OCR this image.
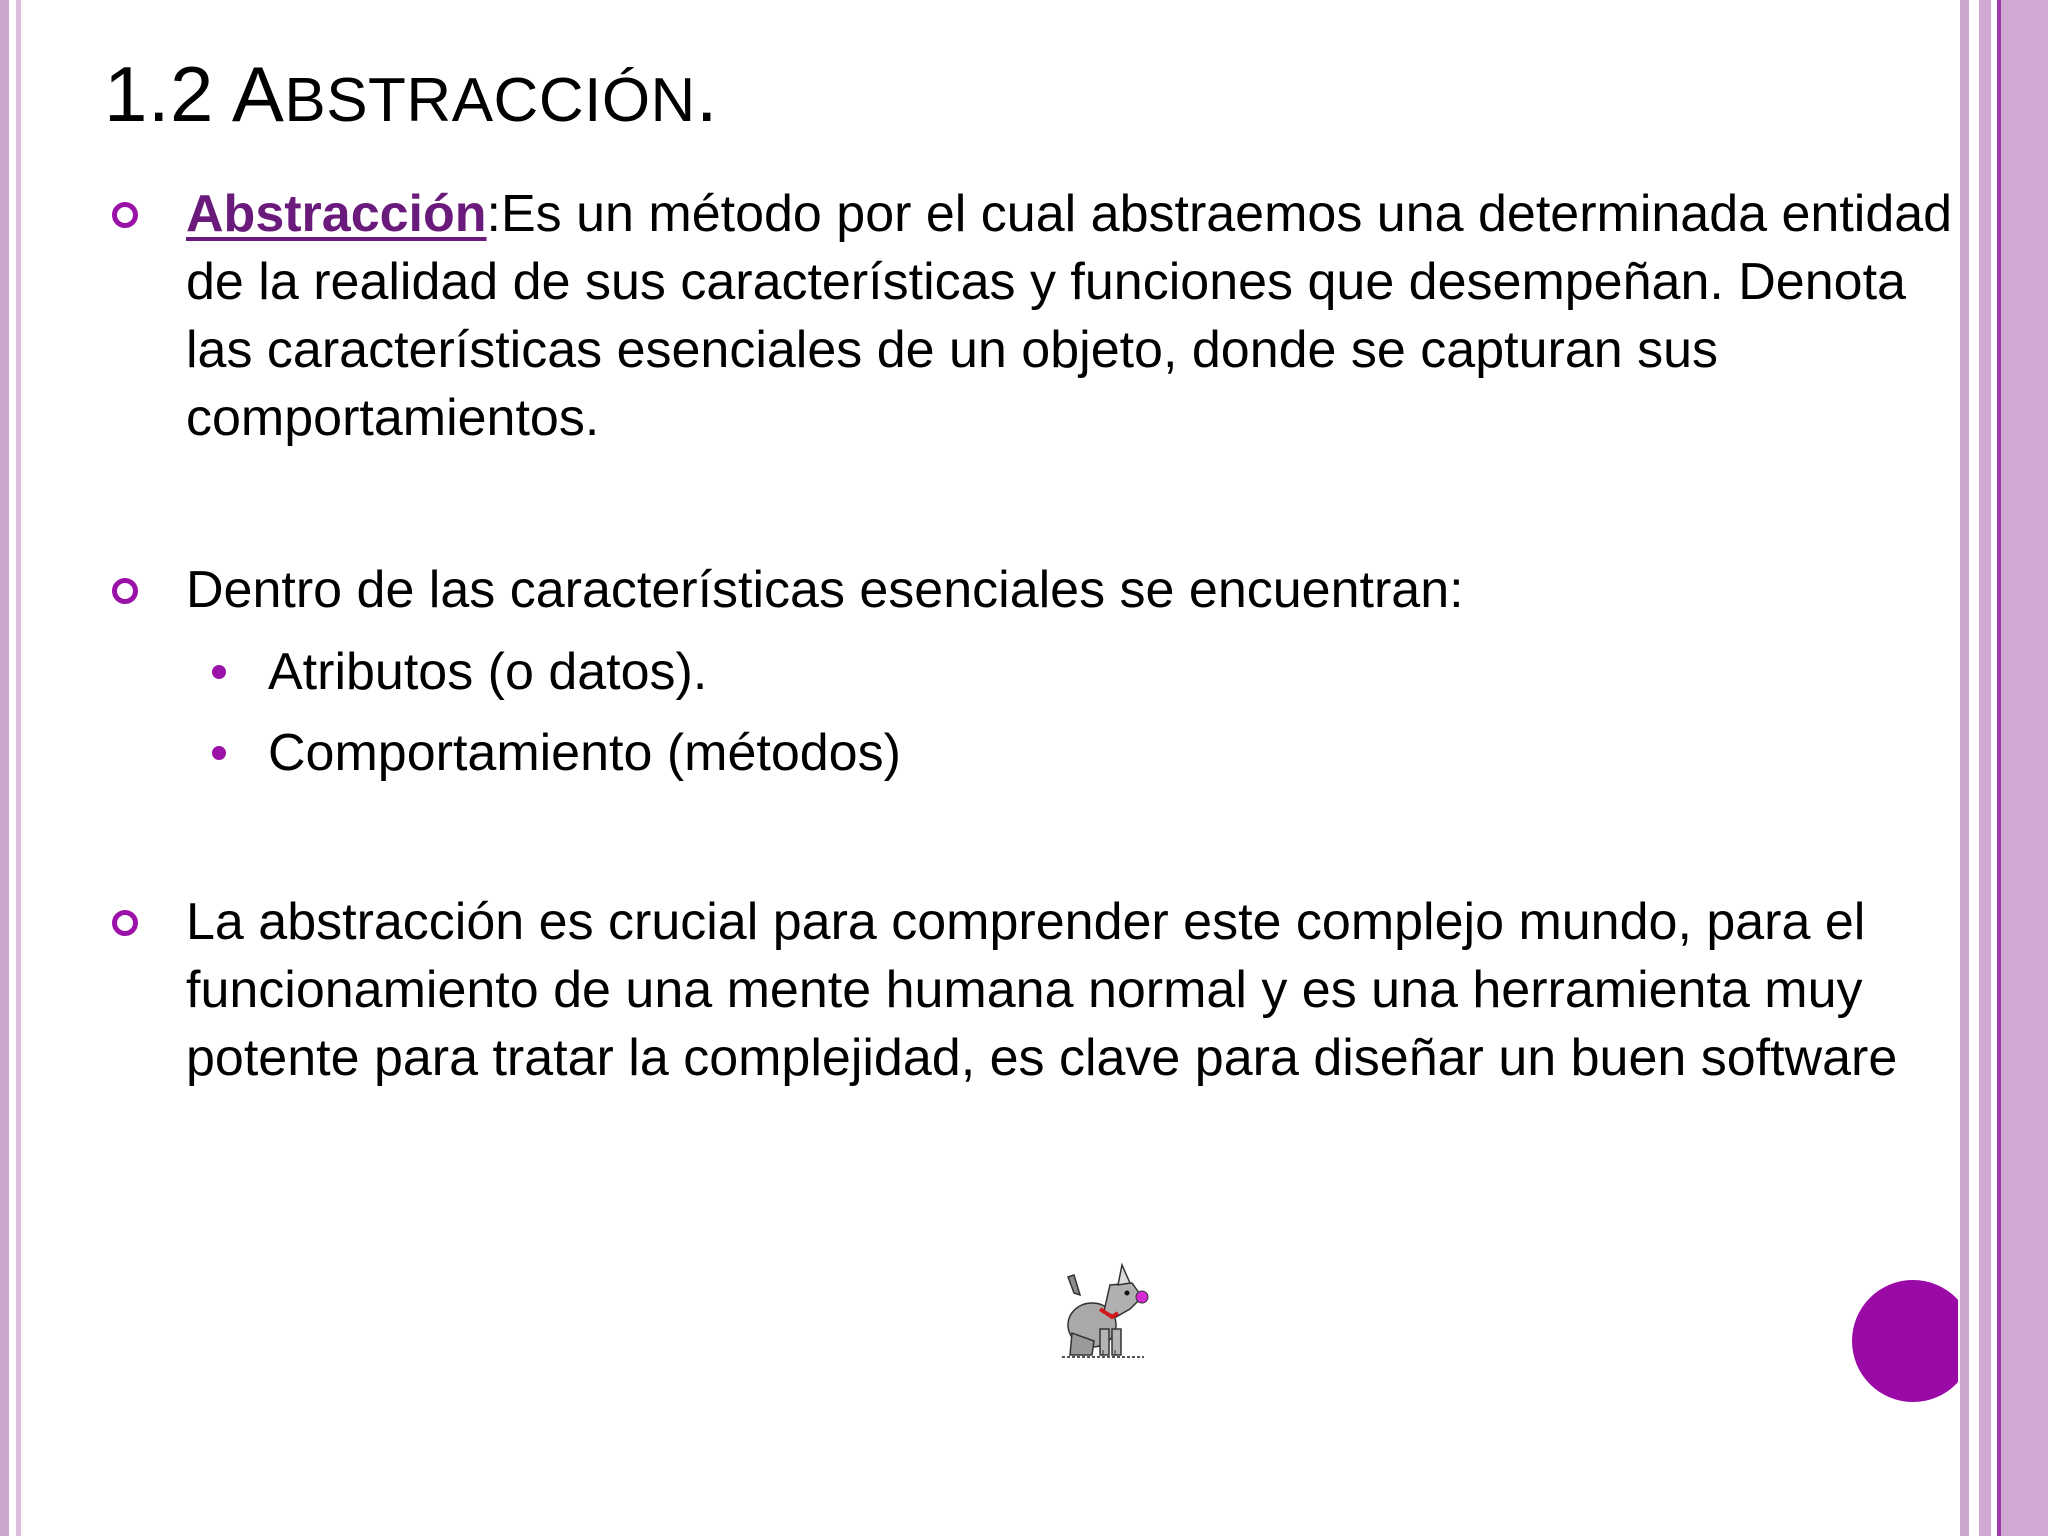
1.2 ABSTRACCIÓN.
Abstracción:Es un método por el cual abstraemos una determinada entidad de la realidad de sus características y funciones que desempeñan. Denota las características esenciales de un objeto, donde se capturan sus comportamientos.
Dentro de las características esenciales se encuentran:
Atributos (o datos).
Comportamiento (métodos)
La abstracción es crucial para comprender este complejo mundo, para el funcionamiento de una mente humana normal y es una herramienta muy potente para tratar la complejidad, es clave para diseñar un buen software
